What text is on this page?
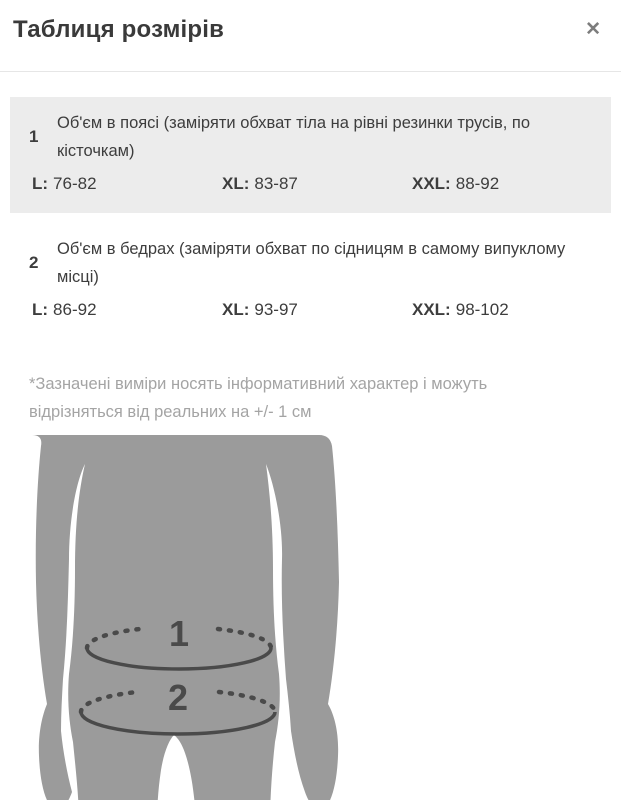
Таблиця розмірів	✕
1

Об'єм в поясі (заміряти обхват тіла на рівні резинки трусів, по кісточкам)

L: 76-82	XL: 83-87	XXL: 88-92
2

Об'єм в бедрах (заміряти обхват по сідницям в самому випуклому місці)

L: 86-92	XL: 93-97	XXL: 98-102

*Зазначені виміри носять інформативний характер і можуть відрізняться від реальних на +/- 1 см

1
2
